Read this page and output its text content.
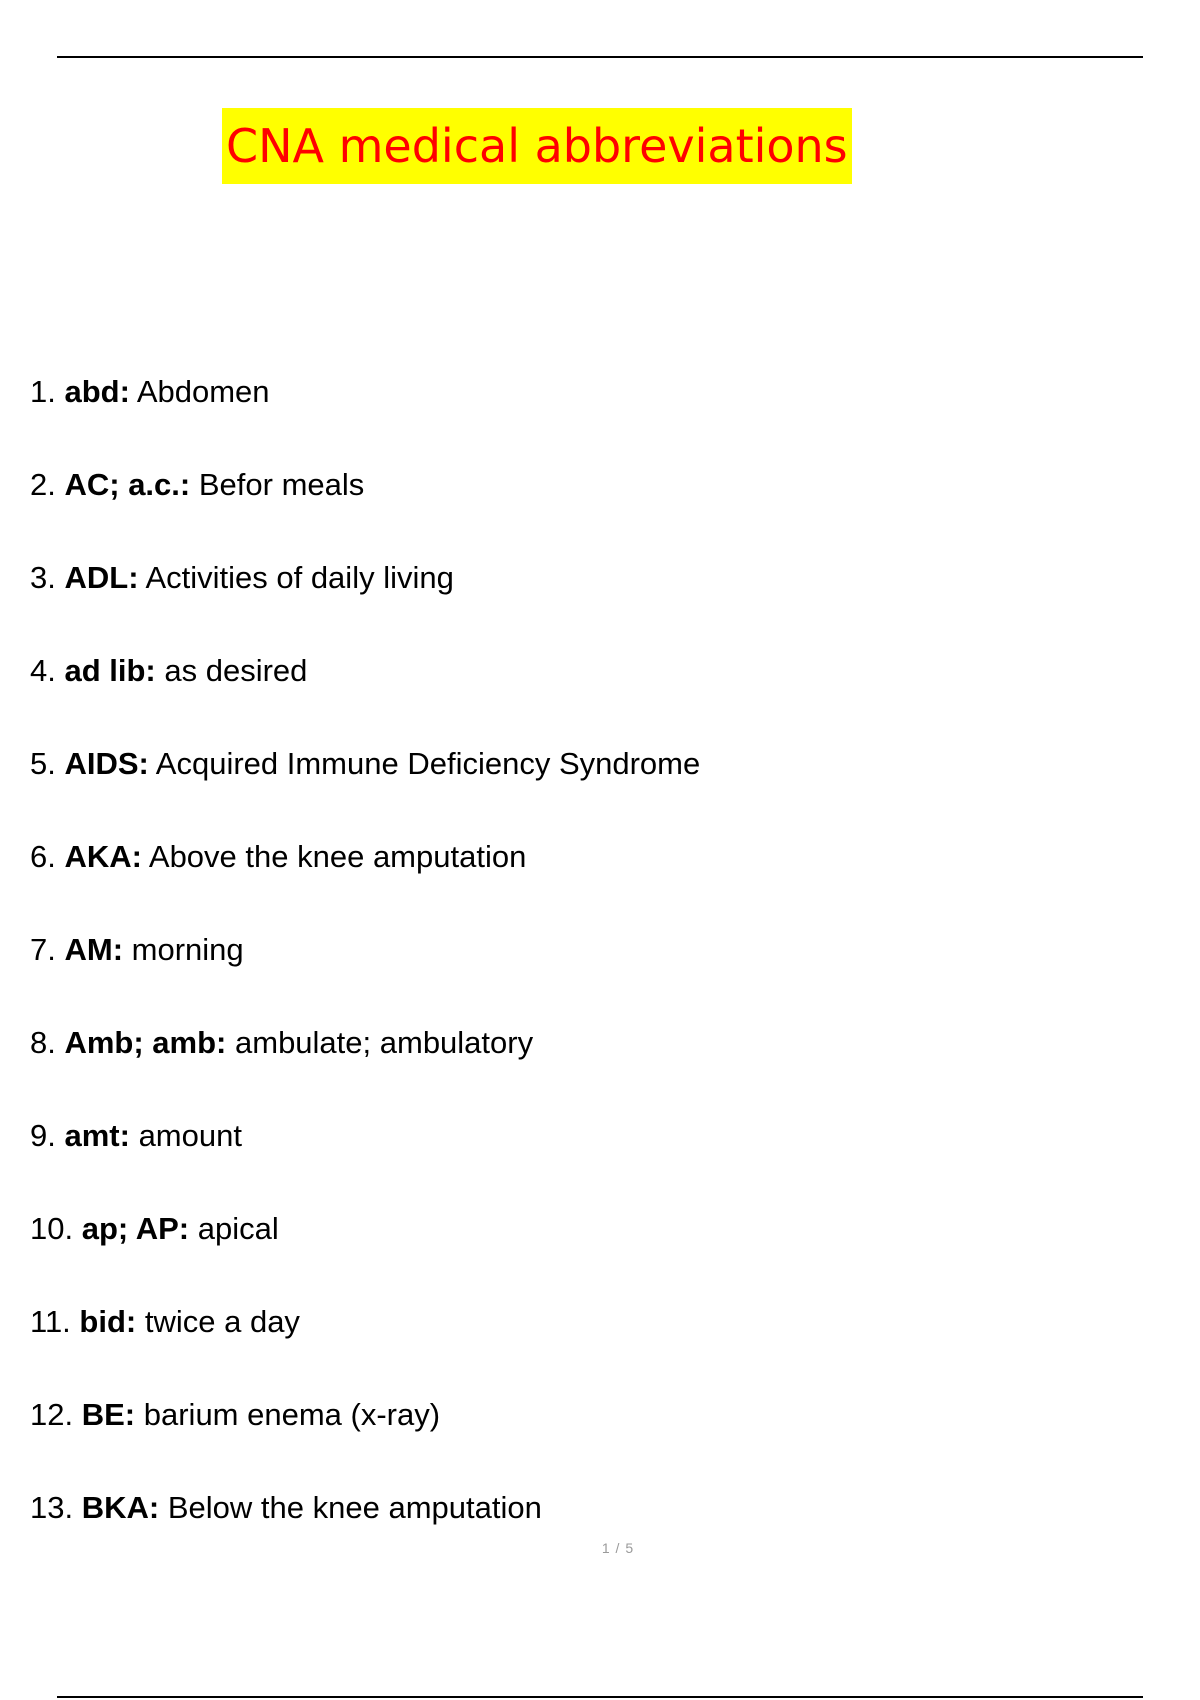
CNA medical abbreviations
1. abd: Abdomen
2. AC; a.c.: Befor meals
3. ADL: Activities of daily living
4. ad lib: as desired
5. AIDS: Acquired Immune Deficiency Syndrome
6. AKA: Above the knee amputation
7. AM: morning
8. Amb; amb: ambulate; ambulatory
9. amt: amount
10. ap; AP: apical
11. bid: twice a day
12. BE: barium enema (x-ray)
13. BKA: Below the knee amputation
1 / 5
